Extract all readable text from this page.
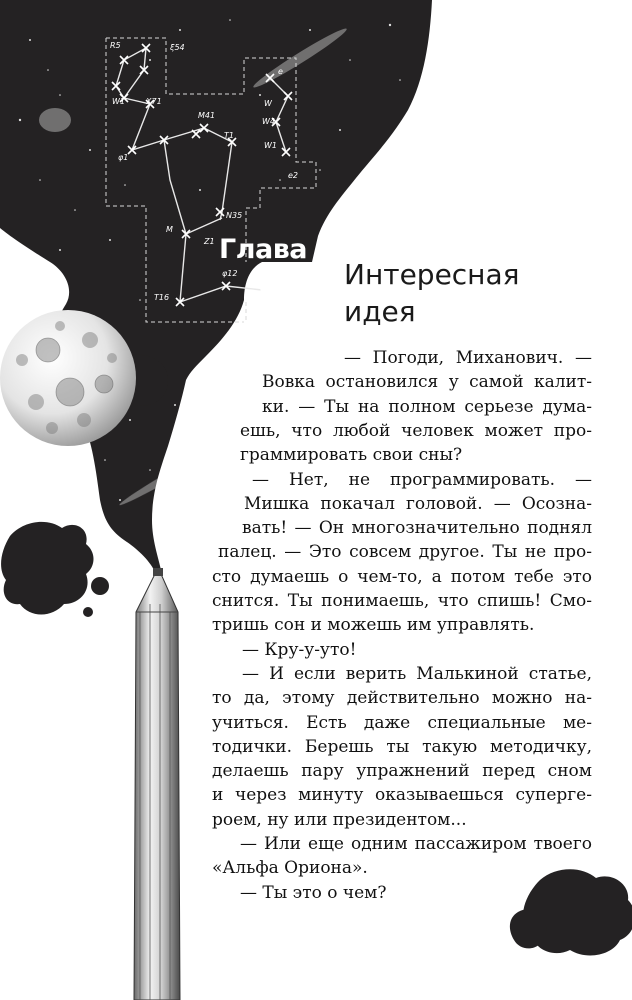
R5	ξ54
W1	X71
e
W
W4
M41
T1
W1
φ1
e2
N35
M
Z1
φ12
T16
Глава 1
Интересная
идея
— Погоди, Миханович. —
Вовка остановился у самой калит-
ки. — Ты на полном серьезе дума-
ешь, что любой человек может про-
граммировать свои сны?
— Нет, не программировать. —
Мишка покачал головой. — Осозна-
вать! — Он многозначительно поднял
палец. — Это совсем другое. Ты не про-
сто думаешь о чем-то, а потом тебе это
снится. Ты понимаешь, что спишь! Смо-
тришь сон и можешь им управлять.
— Кру-у-уто!
— И если верить Малькиной статье,
то да, этому действительно можно на-
учиться. Есть даже специальные ме-
тодички. Берешь ты такую методичку,
делаешь пару упражнений перед сном
и через минуту оказываешься суперге-
роем, ну или президентом...
— Или еще одним пассажиром твоего
«Альфа Ориона».
— Ты это о чем?
